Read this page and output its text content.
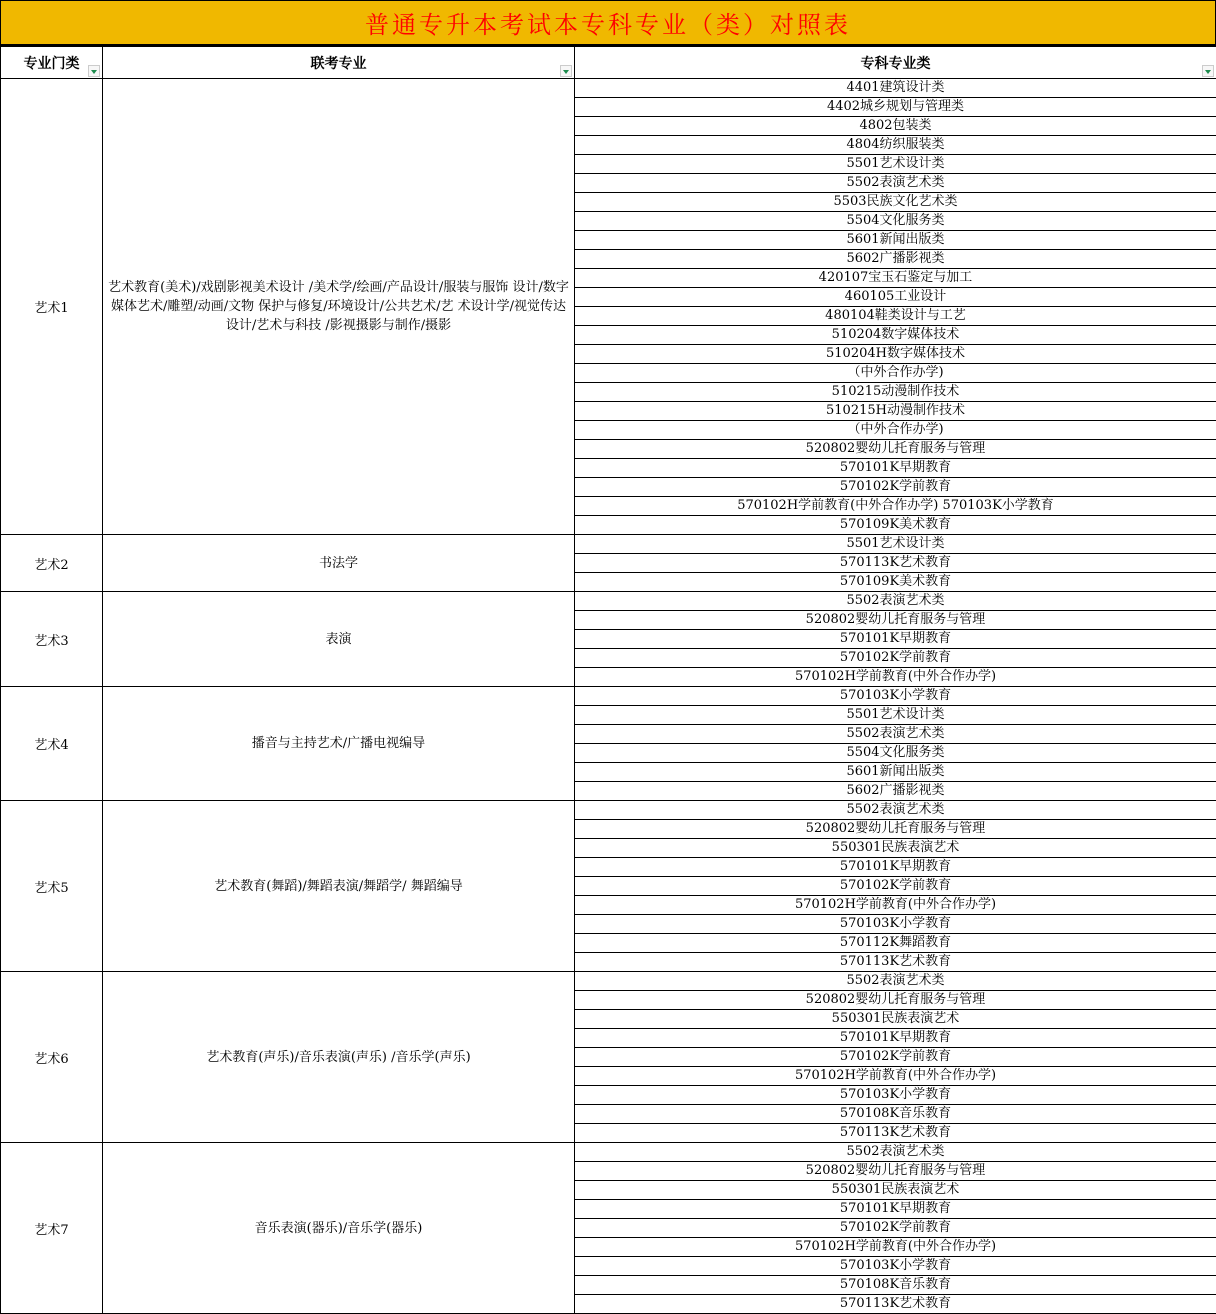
普通专升本考试本专科专业（类）对照表
专业门类	联考专业	专科专业类

艺术1	艺术教育(美术)/戏剧影视美术设计 /美术学/绘画/产品设计/服装与服饰 设计/数字媒体艺术/雕塑/动画/文物 保护与修复/环境设计/公共艺术/艺 术设计学/视觉传达设计/艺术与科技 /影视摄影与制作/摄影	4401建筑设计类
		4402城乡规划与管理类
		4802包装类
		4804纺织服装类
		5501艺术设计类
		5502表演艺术类
		5503民族文化艺术类
		5504文化服务类
		5601新闻出版类
		5602广播影视类
		420107宝玉石鉴定与加工
		460105工业设计
		480104鞋类设计与工艺
		510204数字媒体技术
		510204H数字媒体技术
		（中外合作办学)
		510215动漫制作技术
		510215H动漫制作技术
		（中外合作办学)
		520802婴幼儿托育服务与管理
		570101K早期教育
		570102K学前教育
		570102H学前教育(中外合作办学) 570103K小学教育
		570109K美术教育
艺术2	书法学	5501艺术设计类
		570113K艺术教育
		570109K美术教育
艺术3	表演	5502表演艺术类
		520802婴幼儿托育服务与管理
		570101K早期教育
		570102K学前教育
		570102H学前教育(中外合作办学)
艺术4	播音与主持艺术/广播电视编导	570103K小学教育
		5501艺术设计类
		5502表演艺术类
		5504文化服务类
		5601新闻出版类
		5602广播影视类
艺术5	艺术教育(舞蹈)/舞蹈表演/舞蹈学/ 舞蹈编导	5502表演艺术类
		520802婴幼儿托育服务与管理
		550301民族表演艺术
		570101K早期教育
		570102K学前教育
		570102H学前教育(中外合作办学)
		570103K小学教育
		570112K舞蹈教育
		570113K艺术教育
艺术6	艺术教育(声乐)/音乐表演(声乐) /音乐学(声乐)	5502表演艺术类
		520802婴幼儿托育服务与管理
		550301民族表演艺术
		570101K早期教育
		570102K学前教育
		570102H学前教育(中外合作办学)
		570103K小学教育
		570108K音乐教育
		570113K艺术教育
艺术7	音乐表演(器乐)/音乐学(器乐)	5502表演艺术类
		520802婴幼儿托育服务与管理
		550301民族表演艺术
		570101K早期教育
		570102K学前教育
		570102H学前教育(中外合作办学)
		570103K小学教育
		570108K音乐教育
		570113K艺术教育
